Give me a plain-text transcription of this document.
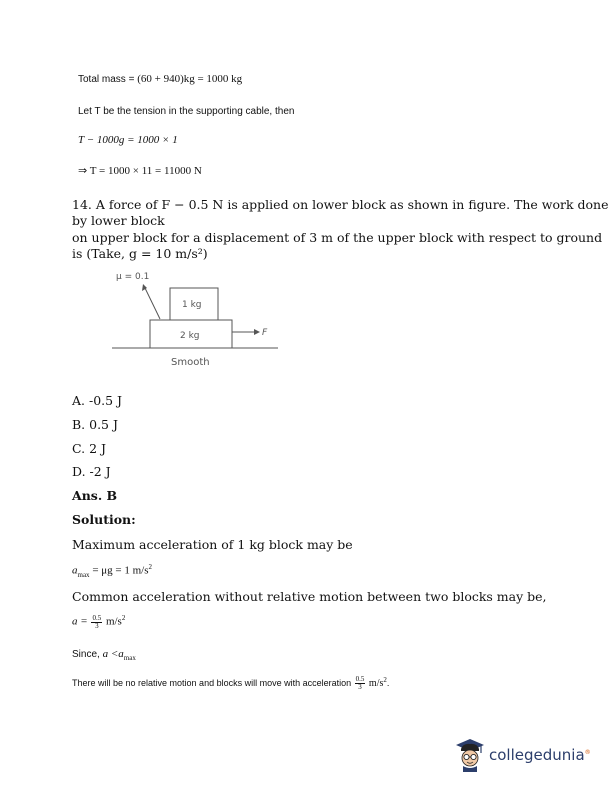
Total mass = (60 + 940)kg = 1000 kg
Let T be the tension in the supporting cable, then
T − 1000g = 1000 × 1
⇒ T = 1000 × 11 = 11000 N
14. A force of F − 0.5 N is applied on lower block as shown in figure. The work done
by lower block
on upper block for a displacement of 3 m of the upper block with respect to ground
is (Take, g = 10 m/s²)
μ = 0.1
1 kg
2 kg	F
Smooth
A. -0.5 J
B. 0.5 J
C. 2 J
D. -2 J
Ans. B
Solution:
Maximum acceleration of 1 kg block may be
$a_{max} = \mu g = 1$ $m/s^2$
Common acceleration without relative motion between two blocks may be,
$a = \frac{0.5}{3} m/s^2$
Since, $a <a_{max}$
There will be no relative motion and blocks will move with acceleration $\frac{0.5}{3} m/s^2$.
collegedunia®
